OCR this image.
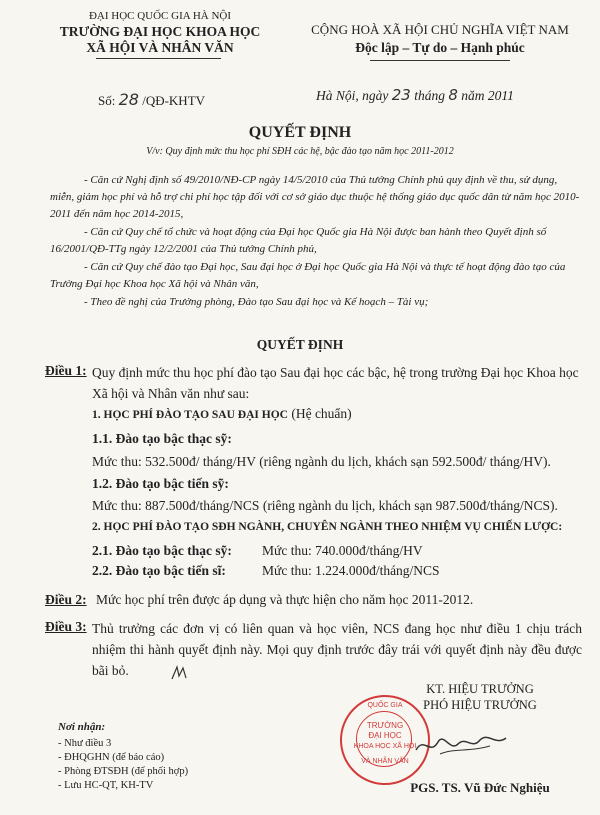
ĐẠI HỌC QUỐC GIA HÀ NỘI
TRƯỜNG ĐẠI HỌC KHOA HỌC
XÃ HỘI VÀ NHÂN VĂN
Số: 28 /QĐ-KHTV
CỘNG HOÀ XÃ HỘI CHỦ NGHĨA VIỆT NAM
Độc lập – Tự do – Hạnh phúc
Hà Nội, ngày 23 tháng 8 năm 2011
QUYẾT ĐỊNH
V/v: Quy định mức thu học phí SĐH các hệ, bậc đào tạo năm học 2011-2012
- Căn cứ Nghị định số 49/2010/NĐ-CP ngày 14/5/2010 của Thủ tướng Chính phủ quy định về thu, sử dụng, miễn, giảm học phí và hỗ trợ chi phí học tập đối với cơ sở giáo dục thuộc hệ thống giáo dục quốc dân từ năm học 2010-2011 đến năm học 2014-2015,
- Căn cứ Quy chế tổ chức và hoạt động của Đại học Quốc gia Hà Nội được ban hành theo Quyết định số 16/2001/QĐ-TTg ngày 12/2/2001 của Thủ tướng Chính phủ,
- Căn cứ Quy chế đào tạo Đại học, Sau đại học ở Đại học Quốc gia Hà Nội và thực tế hoạt động đào tạo của Trường Đại học Khoa học Xã hội và Nhân văn,
- Theo đề nghị của Trưởng phòng, Đào tạo Sau đại học và Kế hoạch – Tài vụ;
QUYẾT ĐỊNH
Điều 1: Quy định mức thu học phí đào tạo Sau đại học các bậc, hệ trong trường Đại học Khoa học Xã hội và Nhân văn như sau:
1. HỌC PHÍ ĐÀO TẠO SAU ĐẠI HỌC (Hệ chuẩn)
1.1. Đào tạo bậc thạc sỹ:
Mức thu: 532.500đ/ tháng/HV (riêng ngành du lịch, khách sạn 592.500đ/ tháng/HV).
1.2. Đào tạo bậc tiến sỹ:
Mức thu: 887.500đ/tháng/NCS (riêng ngành du lịch, khách sạn 987.500đ/tháng/NCS).
2. HỌC PHÍ ĐÀO TẠO SĐH NGÀNH, CHUYÊN NGÀNH THEO NHIỆM VỤ CHIẾN LƯỢC:
2.1. Đào tạo bậc thạc sỹ: Mức thu: 740.000đ/tháng/HV
2.2. Đào tạo bậc tiến sĩ:	Mức thu: 1.224.000đ/tháng/NCS
Điều 2: Mức học phí trên được áp dụng và thực hiện cho năm học 2011-2012.
Điều 3: Thủ trưởng các đơn vị có liên quan và học viên, NCS đang học như điều 1 chịu trách nhiệm thi hành quyết định này. Mọi quy định trước đây trái với quyết định này đều được bãi bỏ.
Nơi nhận:
- Như điều 3
- ĐHQGHN (để báo cáo)
- Phòng ĐTSĐH (để phối hợp)
- Lưu HC-QT, KH-TV
QUỐC GIA
TRƯỜNG
ĐẠI HỌC
KHOA HỌC XÃ HỘI
VÀ NHÂN VĂN
KT. HIỆU TRƯỞNG
PHÓ HIỆU TRƯỞNG
PGS. TS. Vũ Đức Nghiệu
